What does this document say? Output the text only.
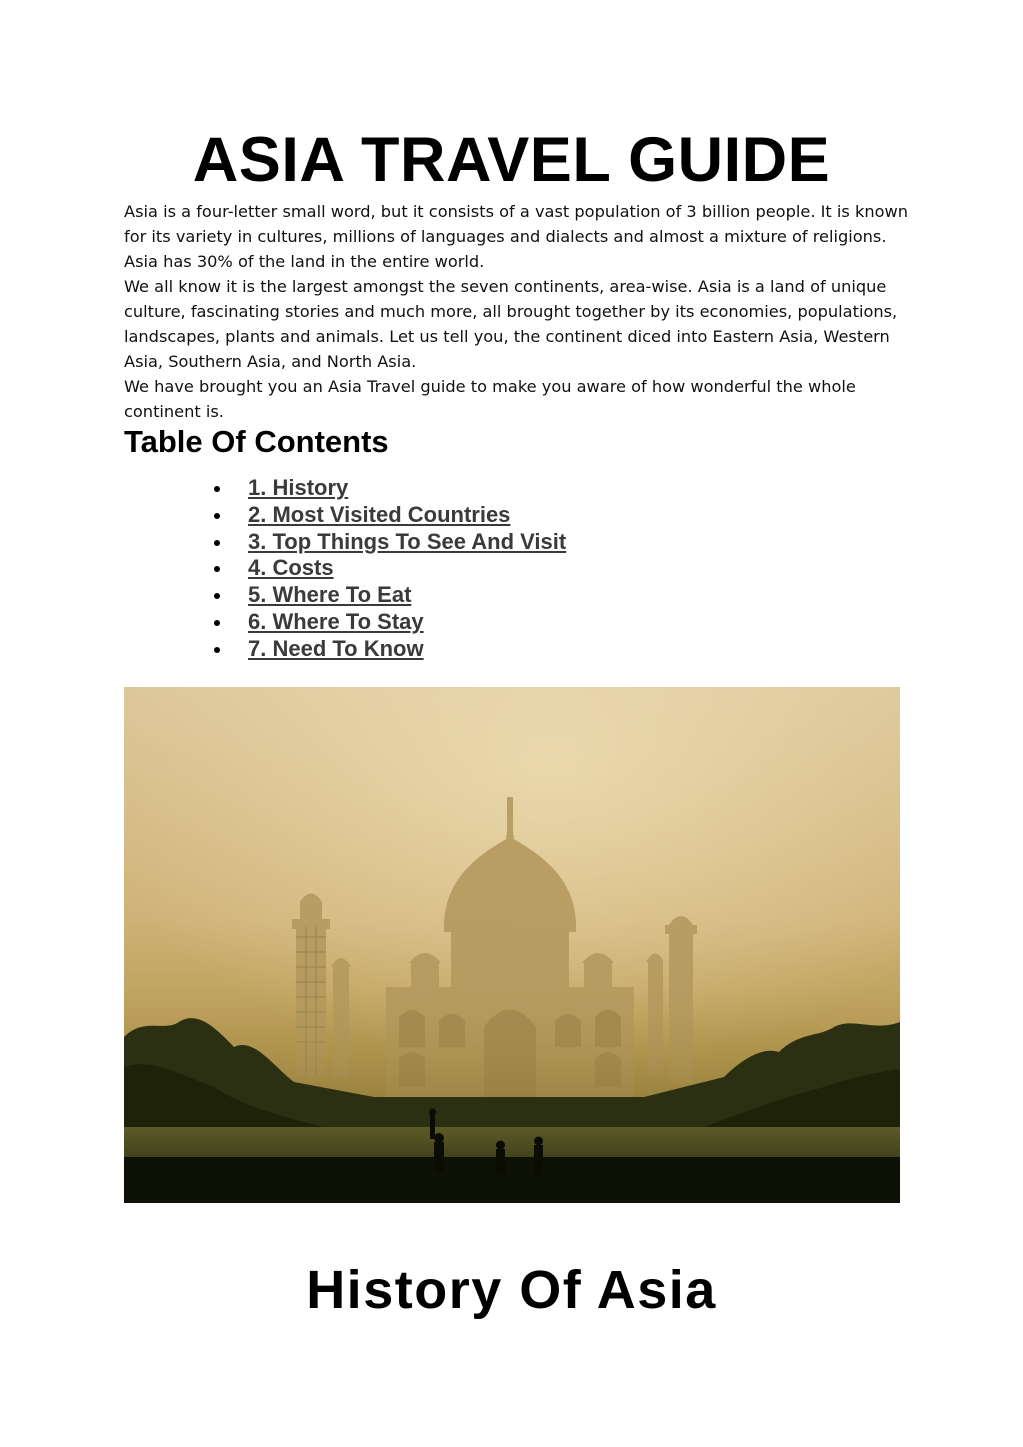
ASIA TRAVEL GUIDE

Asia is a four-letter small word, but it consists of a vast population of 3 billion people. It is known for its variety in cultures, millions of languages and dialects and almost a mixture of religions. Asia has 30% of the land in the entire world.

We all know it is the largest amongst the seven continents, area-wise. Asia is a land of unique culture, fascinating stories and much more, all brought together by its economies, populations, landscapes, plants and animals. Let us tell you, the continent diced into Eastern Asia, Western Asia, Southern Asia, and North Asia.

We have brought you an Asia Travel guide to make you aware of how wonderful the whole continent is.

Table Of Contents
1. History
2. Most Visited Countries
3. Top Things To See And Visit
4. Costs
5. Where To Eat
6. Where To Stay
7. Need To Know
History Of Asia
